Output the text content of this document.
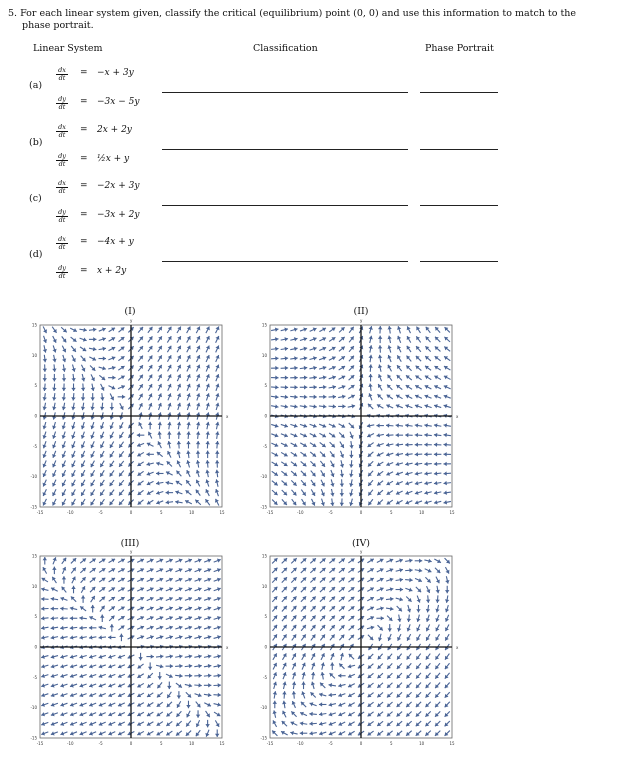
5. For each linear system given, classify the critical (equilibrium) point (0, 0) and use this information to match to the
phase portrait.
Linear System	Classification	Phase Portrait
(a)
$\frac{dx}{dt} = -x + 3y$
$\frac{dy}{dt} = -3x - 5y$
(b)
$\frac{dx}{dt} = 2x + 2y$
$\frac{dy}{dt}$ = ½x + y
(c)
$\frac{dx}{dt} = -2x + 3y$
$\frac{dy}{dt} = -3x + 2y$
(d)
$\frac{dx}{dt} = -4x + y$
$\frac{dy}{dt} = x + 2y$
(I)
x
y
-15	-10	-5	0	5	10	15
15
10
5
0
-5
-10
-15
(II)
x
y
-15	-10	-5	0	5	10	15
15
10
5
0
-5
-10
-15
(III)
x
y
-15	-10	-5	0	5	10	15
15
10
5
0
-5
-10
-15
(IV)
x
y
-15	-10	-5	0	5	10	15
15
10
5
0
-5
-10
-15
